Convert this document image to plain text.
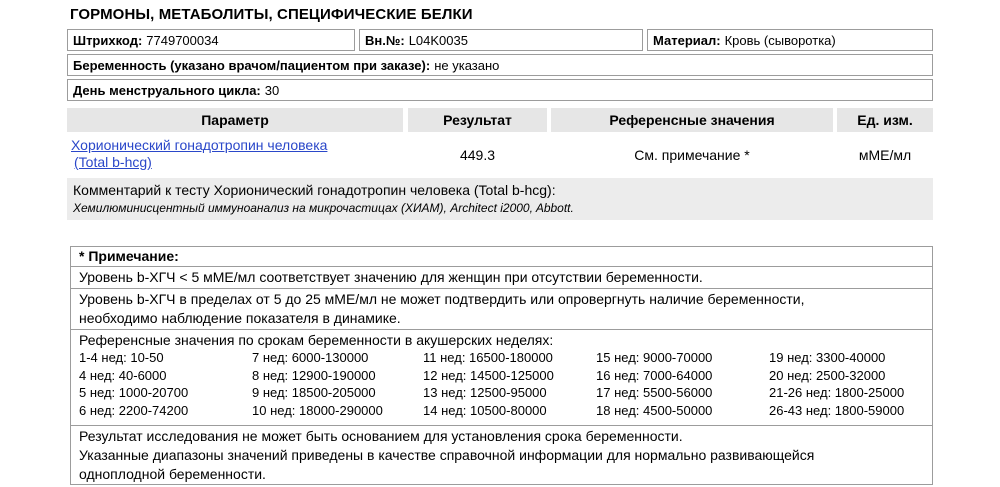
ГОРМОНЫ, МЕТАБОЛИТЫ, СПЕЦИФИЧЕСКИЕ БЕЛКИ
Штрихкод: 7749700034	Вн.№: L04K0035	Материал: Кровь (сыворотка)
Беременность (указано врачом/пациентом при заказе): не указано
День менструального цикла: 30
Параметр	Результат	Референсные значения	Ед. изм.
Хорионический гонадотропин человека
(Total b-hcg)	449.3	См. примечание *	мМЕ/мл
Комментарий к тесту Хорионический гонадотропин человека (Total b-hcg):
Хемилюминисцентный иммуноанализ на микрочастицах (ХИАМ), Architect i2000, Abbott.
* Примечание:
Уровень b-ХГЧ < 5 мМЕ/мл соответствует значению для женщин при отсутствии беременности.
Уровень b-ХГЧ в пределах от 5 до 25 мМЕ/мл не может подтвердить или опровергнуть наличие беременности,
необходимо наблюдение показателя в динамике.
Референсные значения по срокам беременности в акушерских неделях:
1-4 нед: 10-50	7 нед: 6000-130000	11 нед: 16500-180000	15 нед: 9000-70000	19 нед: 3300-40000
4 нед: 40-6000	8 нед: 12900-190000	12 нед: 14500-125000	16 нед: 7000-64000	20 нед: 2500-32000
5 нед: 1000-20700	9 нед: 18500-205000	13 нед: 12500-95000	17 нед: 5500-56000	21-26 нед: 1800-25000
6 нед: 2200-74200	10 нед: 18000-290000	14 нед: 10500-80000	18 нед: 4500-50000	26-43 нед: 1800-59000
Результат исследования не может быть основанием для установления срока беременности.
Указанные диапазоны значений приведены в качестве справочной информации для нормально развивающейся
одноплодной беременности.
